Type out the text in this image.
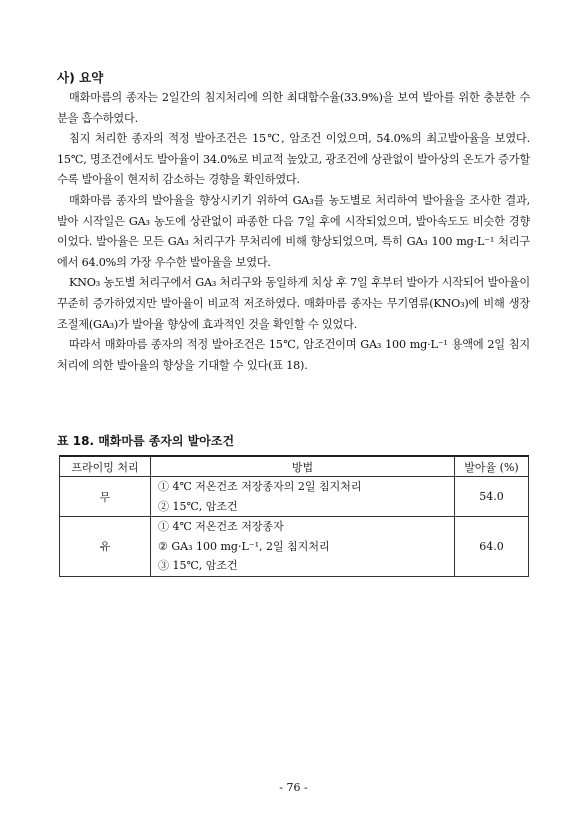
사) 요약

매화마름의 종자는 2일간의 침지처리에 의한 최대함수율(33.9%)을 보여 발아를 위한 충분한 수분을 흡수하였다.

침지 처리한 종자의 적정 발아조건은 15℃, 암조건 이었으며, 54.0%의 최고발아율을 보였다. 15℃, 명조건에서도 발아율이 34.0%로 비교적 높았고, 광조건에 상관없이 발아상의 온도가 증가할수록 발아율이 현저히 감소하는 경향을 확인하였다.

매화마름 종자의 발아율을 향상시키기 위하여 GA₃를 농도별로 처리하여 발아율을 조사한 결과, 발아 시작일은 GA₃ 농도에 상관없이 파종한 다음 7일 후에 시작되었으며, 발아속도도 비슷한 경향이었다. 발아율은 모든 GA₃ 처리구가 무처리에 비해 향상되었으며, 특히 GA₃ 100 mg·L⁻¹ 처리구에서 64.0%의 가장 우수한 발아율을 보였다.

KNO₃ 농도별 처리구에서 GA₃ 처리구와 동일하게 치상 후 7일 후부터 발아가 시작되어 발아율이 꾸준히 증가하였지만 발아율이 비교적 저조하였다. 매화마름 종자는 무기염류(KNO₃)에 비해 생장조절제(GA₃)가 발아율 향상에 효과적인 것을 확인할 수 있었다.

따라서 매화마름 종자의 적정 발아조건은 15℃, 암조건이며 GA₃ 100 mg·L⁻¹ 용액에 2일 침지처리에 의한 발아율의 향상을 기대할 수 있다(표 18).

표 18. 매화마름 종자의 발아조건
프라이밍 처리	방법	발아율 (%)
무	① 4℃ 저온건조 저장종자의 2일 침지처리
② 15℃, 암조건	54.0
유	① 4℃ 저온건조 저장종자
② GA₃ 100 mg·L⁻¹, 2일 침지처리
③ 15℃, 암조건	64.0
- 76 -
